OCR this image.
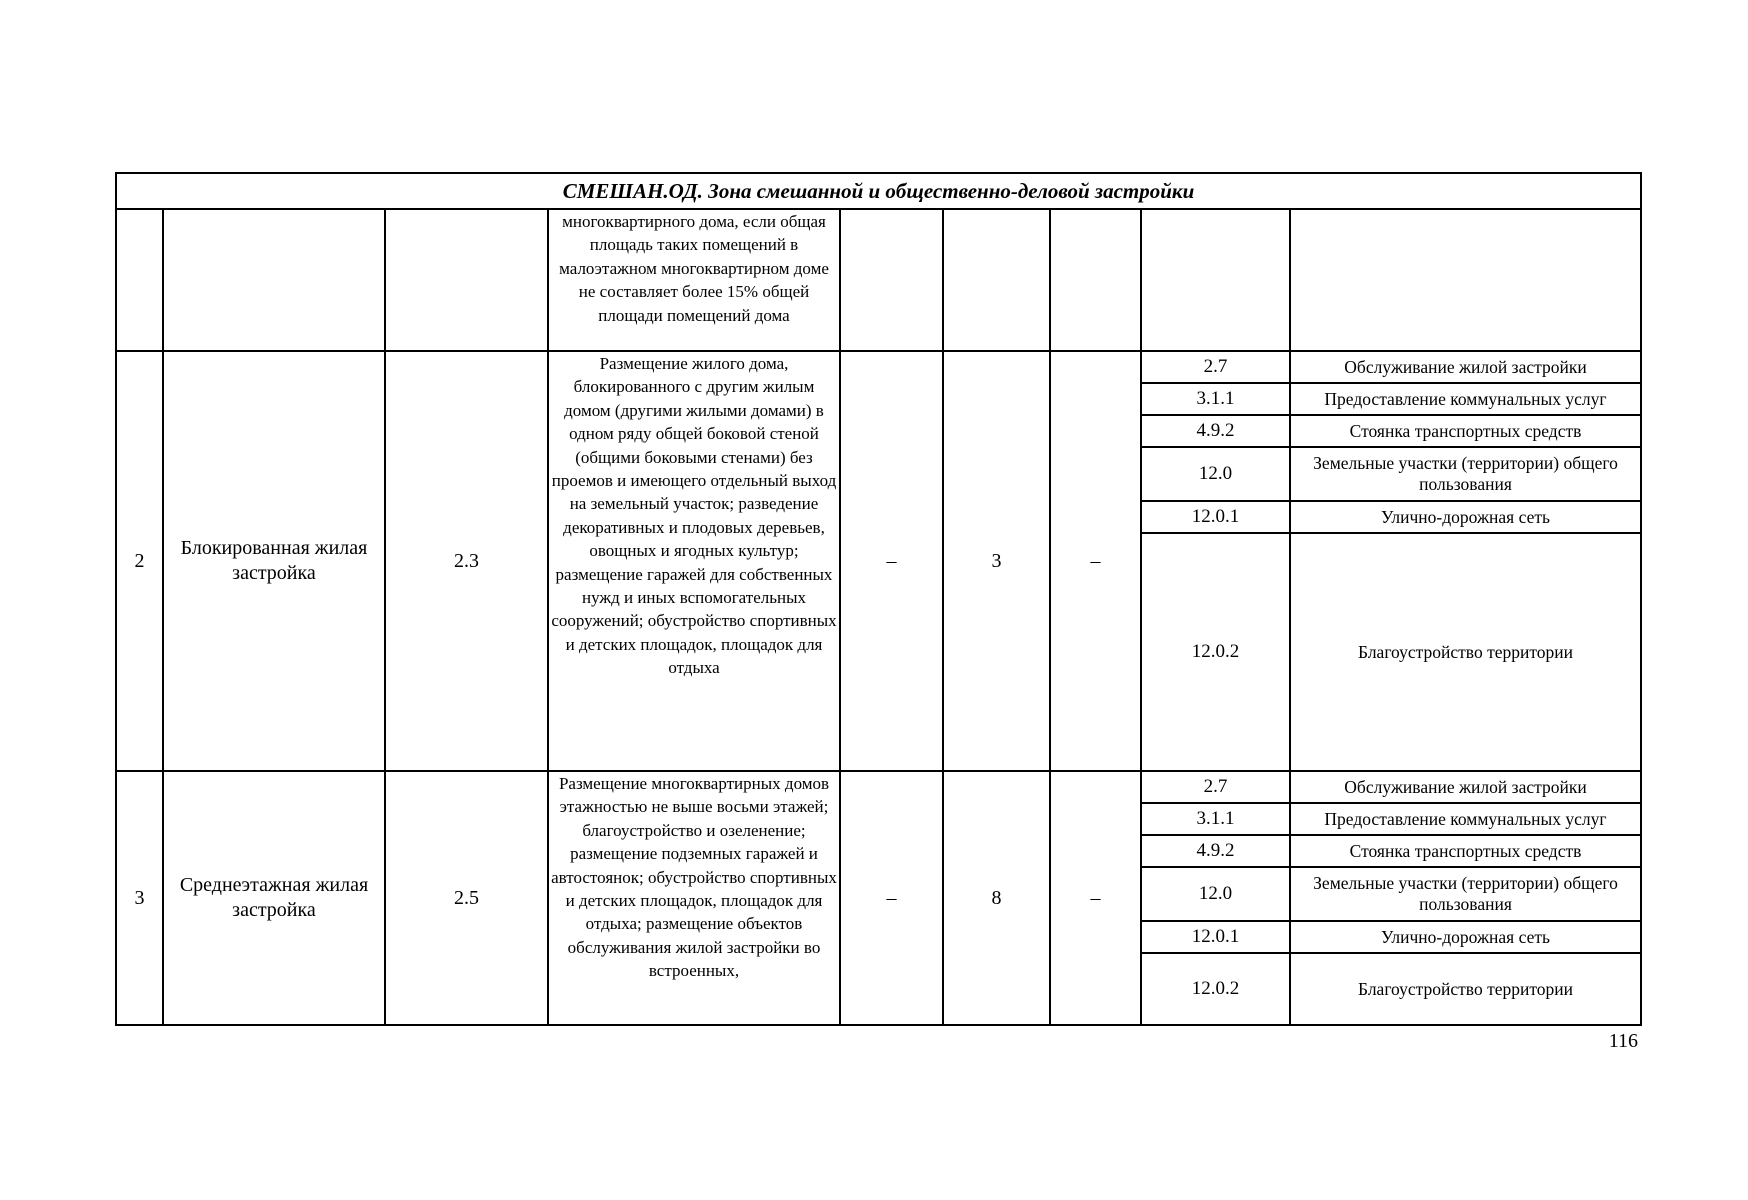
СМЕШАН.ОД. Зона смешанной и общественно-деловой застройки								
			многоквартирного дома, если общая площадь таких помещений в малоэтажном многоквартирном доме не составляет более 15% общей площади помещений дома					
2	Блокированная жилая застройка	2.3	Размещение жилого дома, блокированного с другим жилым домом (другими жилыми домами) в одном ряду общей боковой стеной (общими боковыми стенами) без проемов и имеющего отдельный выход на земельный участок; разведение декоративных и плодовых деревьев, овощных и ягодных культур; размещение гаражей для собственных нужд и иных вспомогательных сооружений; обустройство спортивных и детских площадок, площадок для отдыха	–	3	–	2.7	Обслуживание жилой застройки
							3.1.1	Предоставление коммунальных услуг
							4.9.2	Стоянка транспортных средств
							12.0	Земельные участки (территории) общего пользования
							12.0.1	Улично-дорожная сеть
							12.0.2	Благоустройство территории
3	Среднеэтажная жилая застройка	2.5	Размещение многоквартирных домов этажностью не выше восьми этажей; благоустройство и озеленение; размещение подземных гаражей и автостоянок; обустройство спортивных и детских площадок, площадок для отдыха; размещение объектов обслуживания жилой застройки во встроенных,	–	8	–	2.7	Обслуживание жилой застройки
							3.1.1	Предоставление коммунальных услуг
							4.9.2	Стоянка транспортных средств
							12.0	Земельные участки (территории) общего пользования
							12.0.1	Улично-дорожная сеть
							12.0.2	Благоустройство территории
116
